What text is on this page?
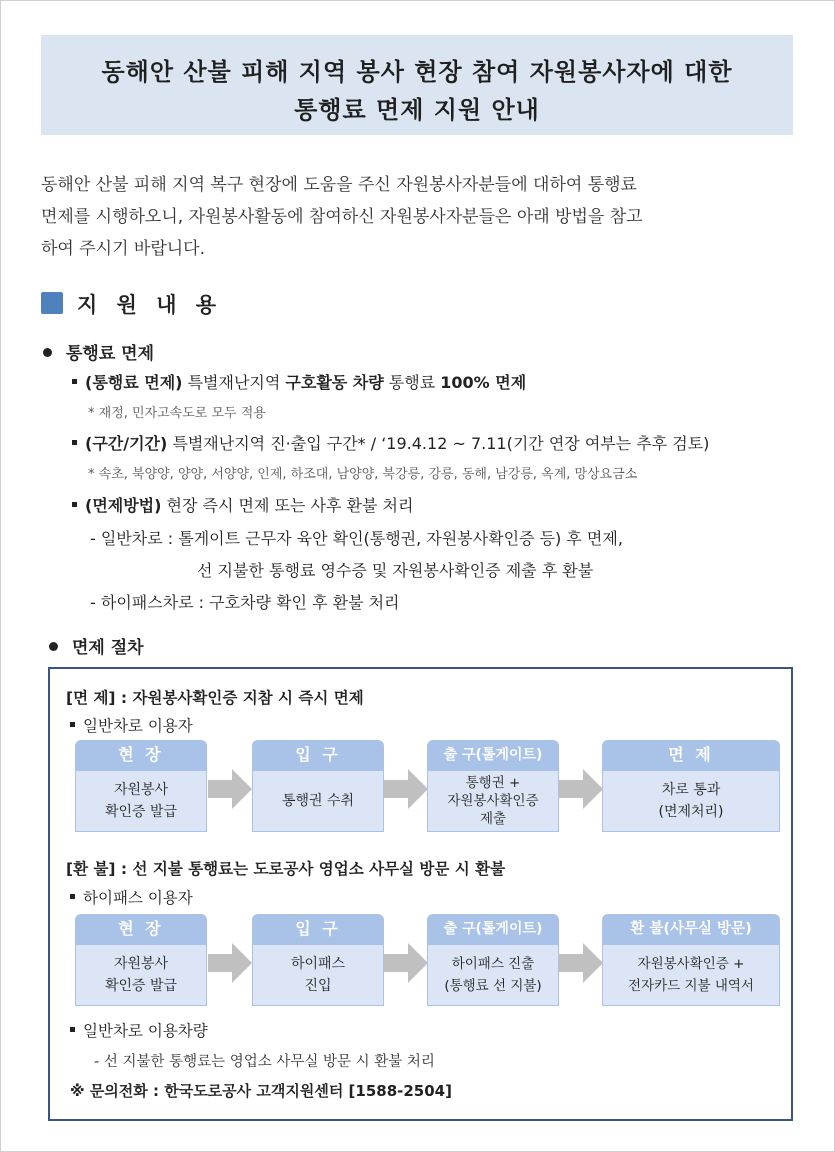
동해안 산불 피해 지역 봉사 현장 참여 자원봉사자에 대한
통행료 면제 지원 안내
동해안 산불 피해 지역 복구 현장에 도움을 주신 자원봉사자분들에 대하여 통행료
면제를 시행하오니, 자원봉사활동에 참여하신 자원봉사자분들은 아래 방법을 참고
하여 주시기 바랍니다.
지 원 내 용
통행료 면제
(통행료 면제) 특별재난지역 구호활동 차량 통행료 100% 면제
* 재정, 민자고속도로 모두 적용
(구간/기간) 특별재난지역 진·출입 구간* / ‘19.4.12 ~ 7.11(기간 연장 여부는 추후 검토)
* 속초, 북양양, 양양, 서양양, 인제, 하조대, 남양양, 북강릉, 강릉, 동해, 남강릉, 옥계, 망상요금소
(면제방법) 현장 즉시 면제 또는 사후 환불 처리
- 일반차로 : 톨게이트 근무자 육안 확인(통행권, 자원봉사확인증 등) 후 면제,
선 지불한 통행료 영수증 및 자원봉사확인증 제출 후 환불
- 하이패스차로 : 구호차량 확인 후 환불 처리
면제 절차
[면 제] : 자원봉사확인증 지참 시 즉시 면제
일반차로 이용자
현 장
자원봉사
확인증 발급
입 구
통행권 수취
출 구(톨게이트)
통행권 +
자원봉사확인증
제출
면 제
차로 통과
(면제처리)
[환 불] : 선 지불 통행료는 도로공사 영업소 사무실 방문 시 환불
하이패스 이용자
현 장
자원봉사
확인증 발급
입 구
하이패스
진입
출 구(톨게이트)
하이패스 진출
(통행료 선 지불)
환 불(사무실 방문)
자원봉사확인증 +
전자카드 지불 내역서
일반차로 이용차량
- 선 지불한 통행료는 영업소 사무실 방문 시 환불 처리
※ 문의전화 : 한국도로공사 고객지원센터 [1588-2504]
